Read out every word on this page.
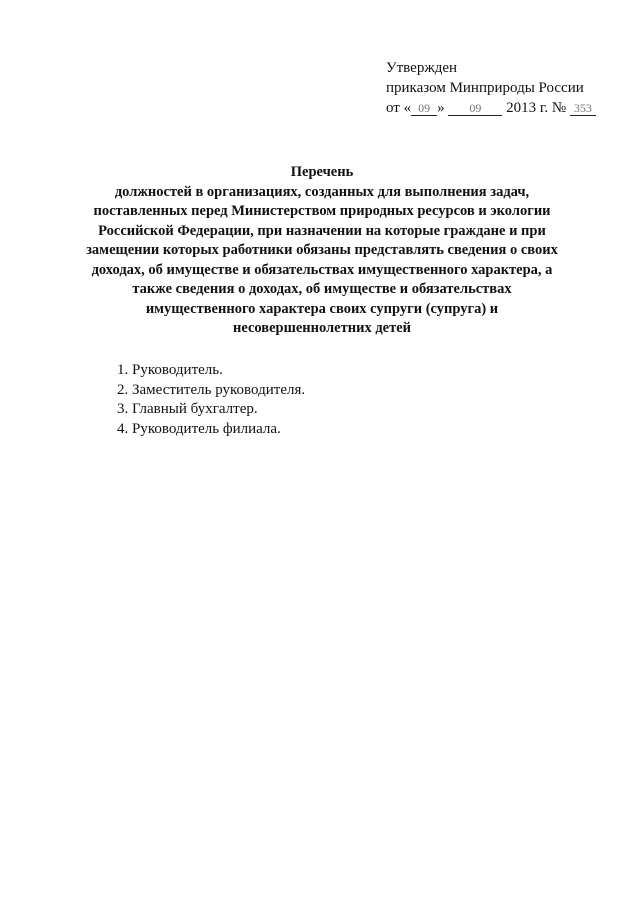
Утвержден
приказом Минприроды России
от « 09 » 09 2013 г. № 353
Перечень
должностей в организациях, созданных для выполнения задач,
поставленных перед Министерством природных ресурсов и экологии
Российской Федерации, при назначении на которые граждане и при
замещении которых работники обязаны представлять сведения о своих
доходах, об имуществе и обязательствах имущественного характера, а
также сведения о доходах, об имуществе и обязательствах
имущественного характера своих супруги (супруга) и
несовершеннолетних детей
1. Руководитель.
2. Заместитель руководителя.
3. Главный бухгалтер.
4. Руководитель филиала.
